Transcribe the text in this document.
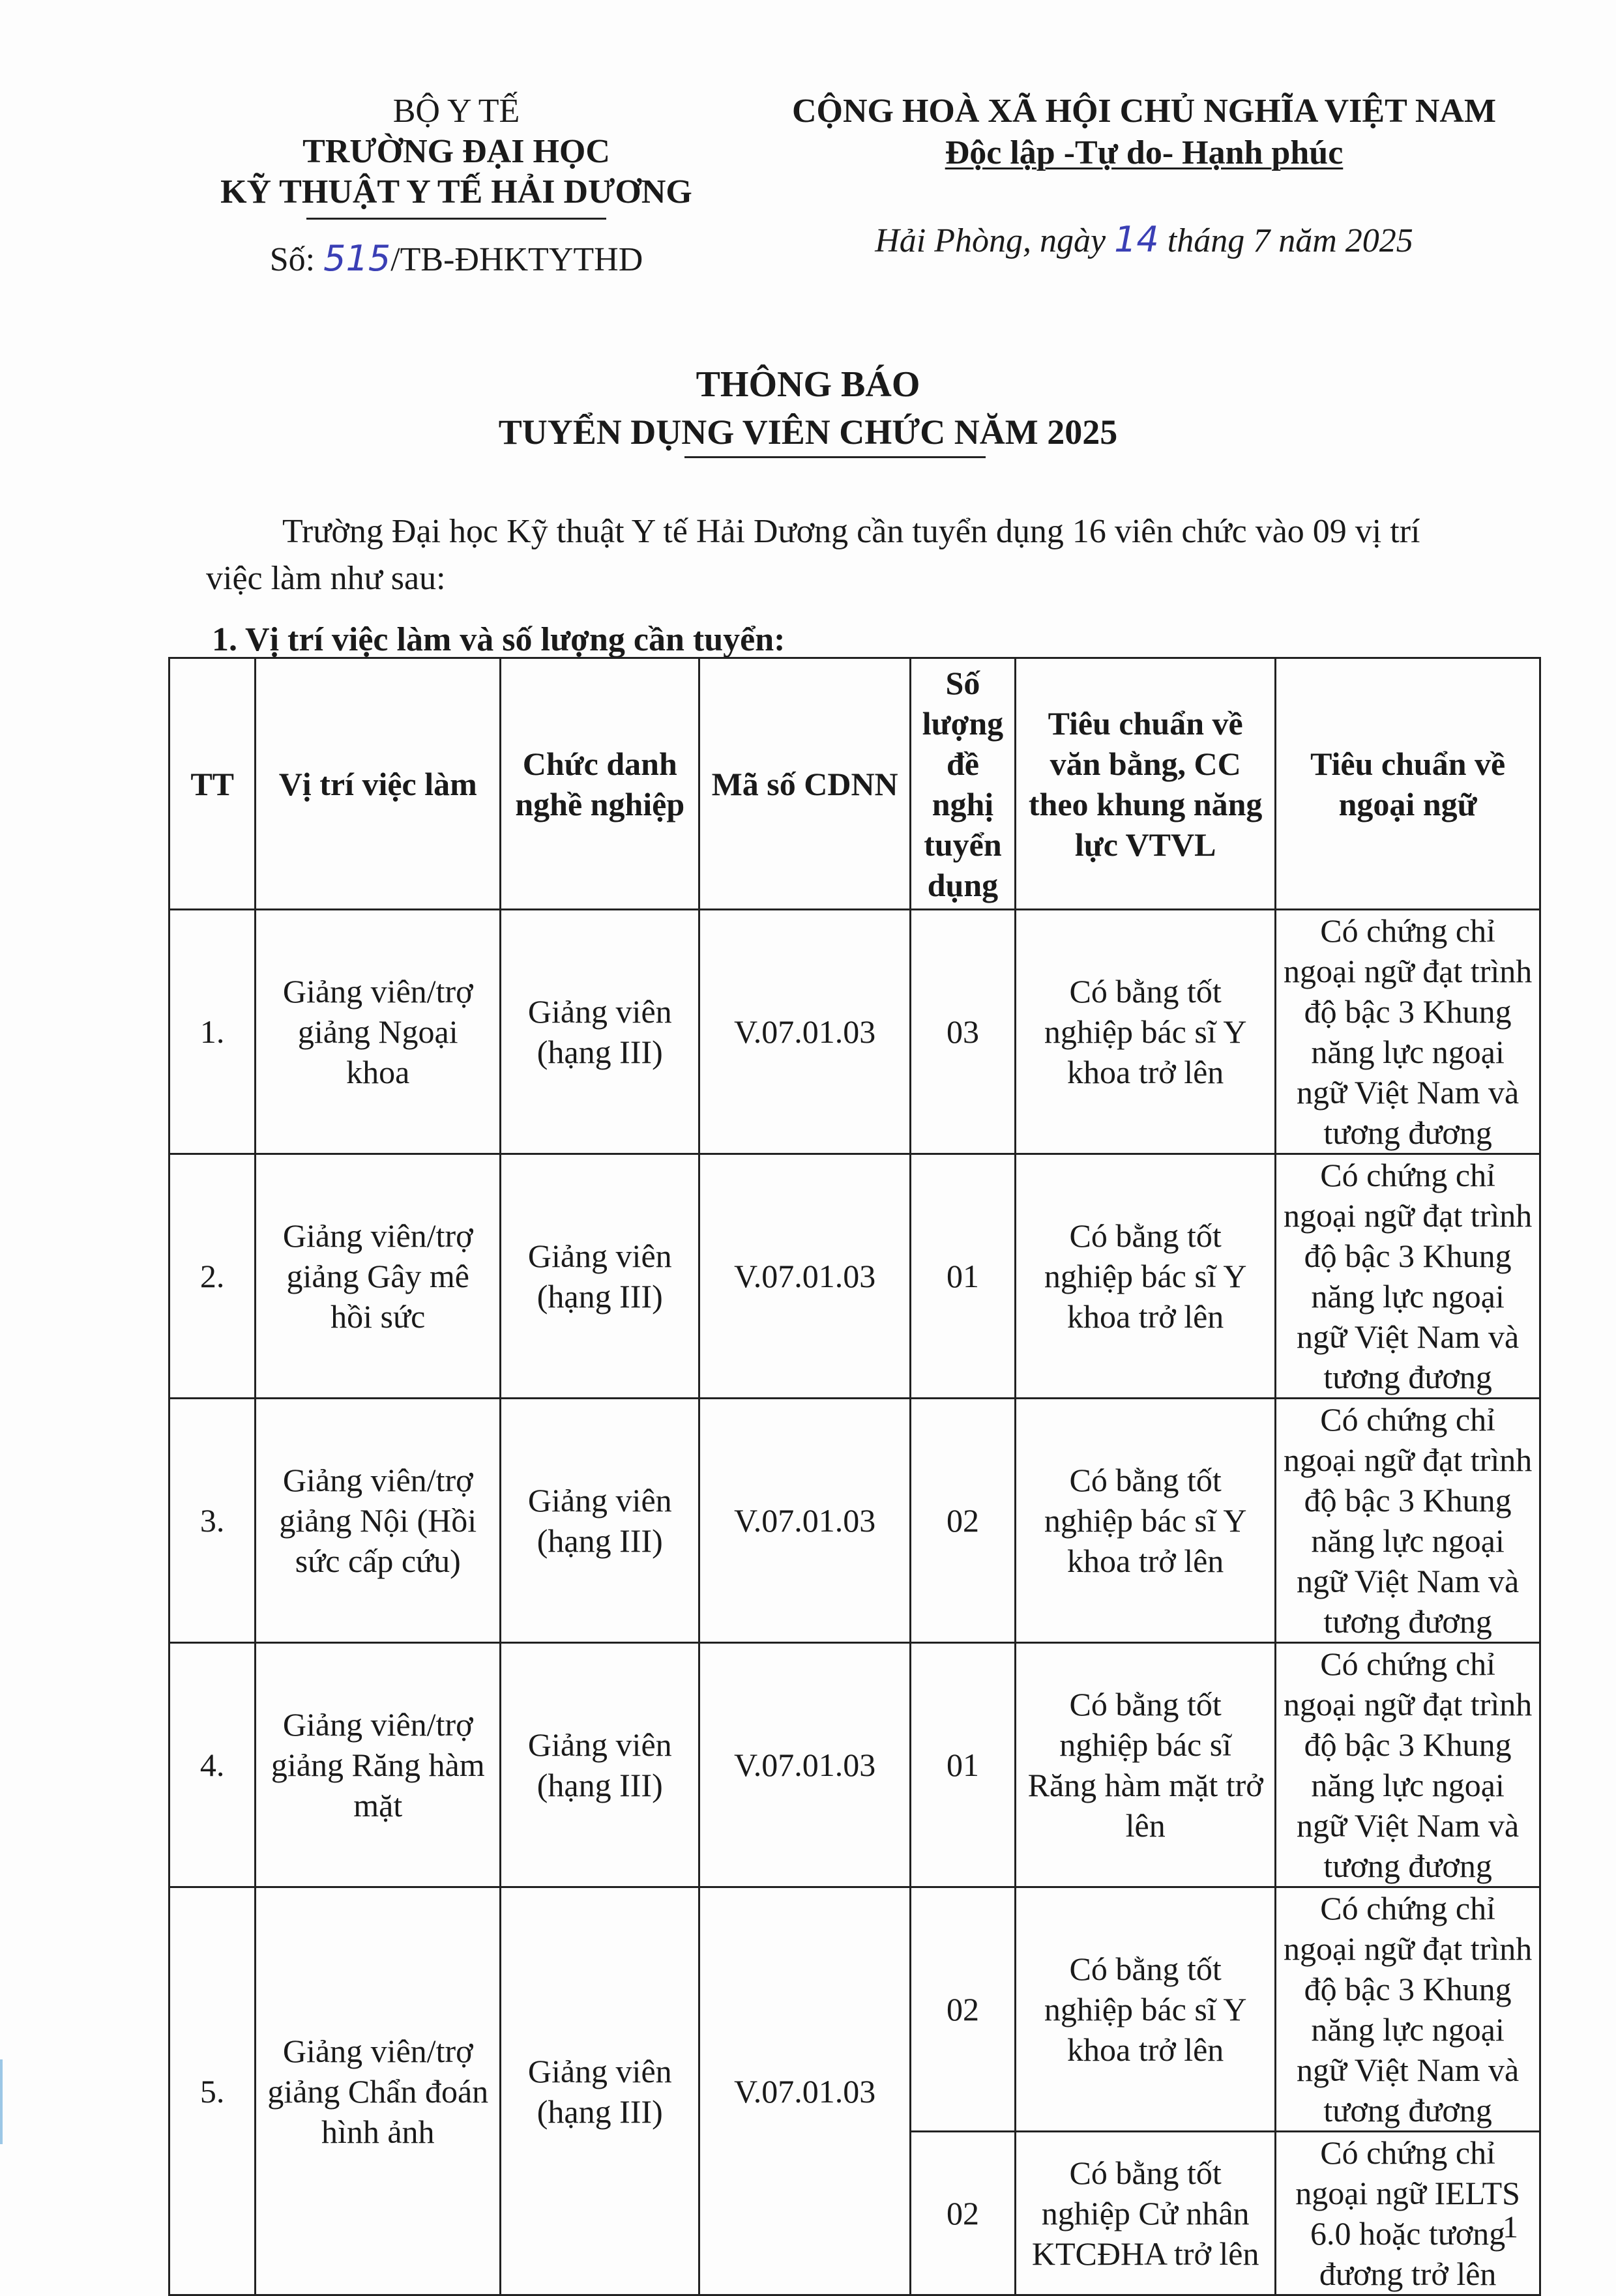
BỘ Y TẾ
TRƯỜNG ĐẠI HỌC
KỸ THUẬT Y TẾ HẢI DƯƠNG
Số: 515/TB-ĐHKTYTHD
CỘNG HOÀ XÃ HỘI CHỦ NGHĨA VIỆT NAM
Độc lập -Tự do- Hạnh phúc
Hải Phòng, ngày 14 tháng 7 năm 2025
THÔNG BÁO
TUYỂN DỤNG VIÊN CHỨC NĂM 2025
Trường Đại học Kỹ thuật Y tế Hải Dương cần tuyển dụng 16 viên chức vào 09 vị trí
việc làm như sau:
1. Vị trí việc làm và số lượng cần tuyển:
TT	Vị trí việc làm	Chức danh nghề nghiệp	Mã số CDNN	Số lượng đề nghị tuyển dụng	Tiêu chuẩn về văn bằng, CC theo khung năng lực VTVL	Tiêu chuẩn về ngoại ngữ
1.	Giảng viên/trợ giảng Ngoại khoa	Giảng viên (hạng III)	V.07.01.03	03	Có bằng tốt nghiệp bác sĩ Y khoa trở lên	Có chứng chỉ ngoại ngữ đạt trình độ bậc 3 Khung năng lực ngoại ngữ Việt Nam và tương đương
2.	Giảng viên/trợ giảng Gây mê hồi sức	Giảng viên (hạng III)	V.07.01.03	01	Có bằng tốt nghiệp bác sĩ Y khoa trở lên	Có chứng chỉ ngoại ngữ đạt trình độ bậc 3 Khung năng lực ngoại ngữ Việt Nam và tương đương
3.	Giảng viên/trợ giảng Nội (Hồi sức cấp cứu)	Giảng viên (hạng III)	V.07.01.03	02	Có bằng tốt nghiệp bác sĩ Y khoa trở lên	Có chứng chỉ ngoại ngữ đạt trình độ bậc 3 Khung năng lực ngoại ngữ Việt Nam và tương đương
4.	Giảng viên/trợ giảng Răng hàm mặt	Giảng viên (hạng III)	V.07.01.03	01	Có bằng tốt nghiệp bác sĩ Răng hàm mặt trở lên	Có chứng chỉ ngoại ngữ đạt trình độ bậc 3 Khung năng lực ngoại ngữ Việt Nam và tương đương
5.	Giảng viên/trợ giảng Chẩn đoán hình ảnh	Giảng viên (hạng III)	V.07.01.03	02	Có bằng tốt nghiệp bác sĩ Y khoa trở lên	Có chứng chỉ ngoại ngữ đạt trình độ bậc 3 Khung năng lực ngoại ngữ Việt Nam và tương đương
				02	Có bằng tốt nghiệp Cử nhân KTCĐHA trở lên	Có chứng chỉ ngoại ngữ IELTS 6.0 hoặc tương đương trở lên
1
